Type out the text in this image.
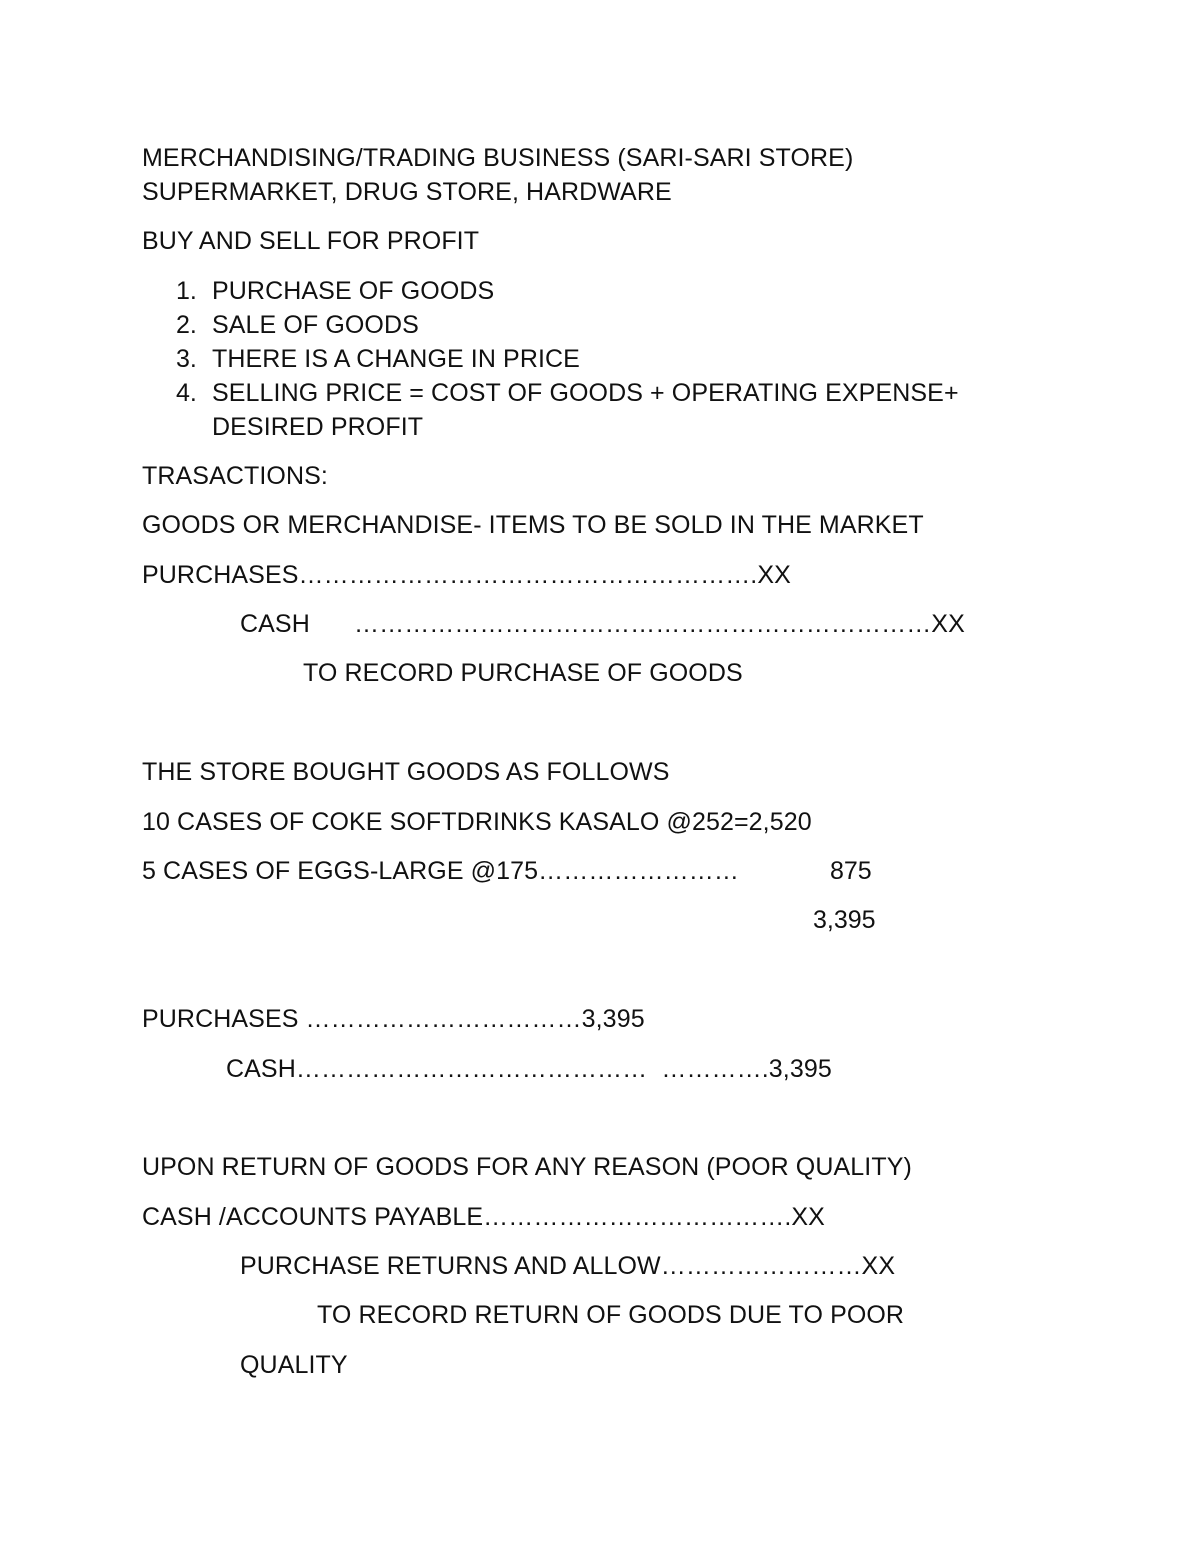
MERCHANDISING/TRADING BUSINESS (SARI-SARI STORE)
SUPERMARKET, DRUG STORE, HARDWARE
BUY AND SELL FOR PROFIT
1. PURCHASE OF GOODS
2. SALE OF GOODS
3. THERE IS A CHANGE IN PRICE
4. SELLING PRICE = COST OF GOODS + OPERATING EXPENSE+
DESIRED PROFIT
TRASACTIONS:
GOODS OR MERCHANDISE- ITEMS TO BE SOLD IN THE MARKET
PURCHASES……………………………………………….XX
CASH ……………………………………………………………XX
TO RECORD PURCHASE OF GOODS
THE STORE BOUGHT GOODS AS FOLLOWS
10 CASES OF COKE SOFTDRINKS KASALO @252=2,520
5 CASES OF EGGS-LARGE @175……………………	875
3,395
PURCHASES ……………………………3,395
CASH……………………………………  ………….3,395
UPON RETURN OF GOODS FOR ANY REASON (POOR QUALITY)
CASH /ACCOUNTS PAYABLE……………………………….XX
PURCHASE RETURNS AND ALLOW……………………XX
TO RECORD RETURN OF GOODS DUE TO POOR
QUALITY
